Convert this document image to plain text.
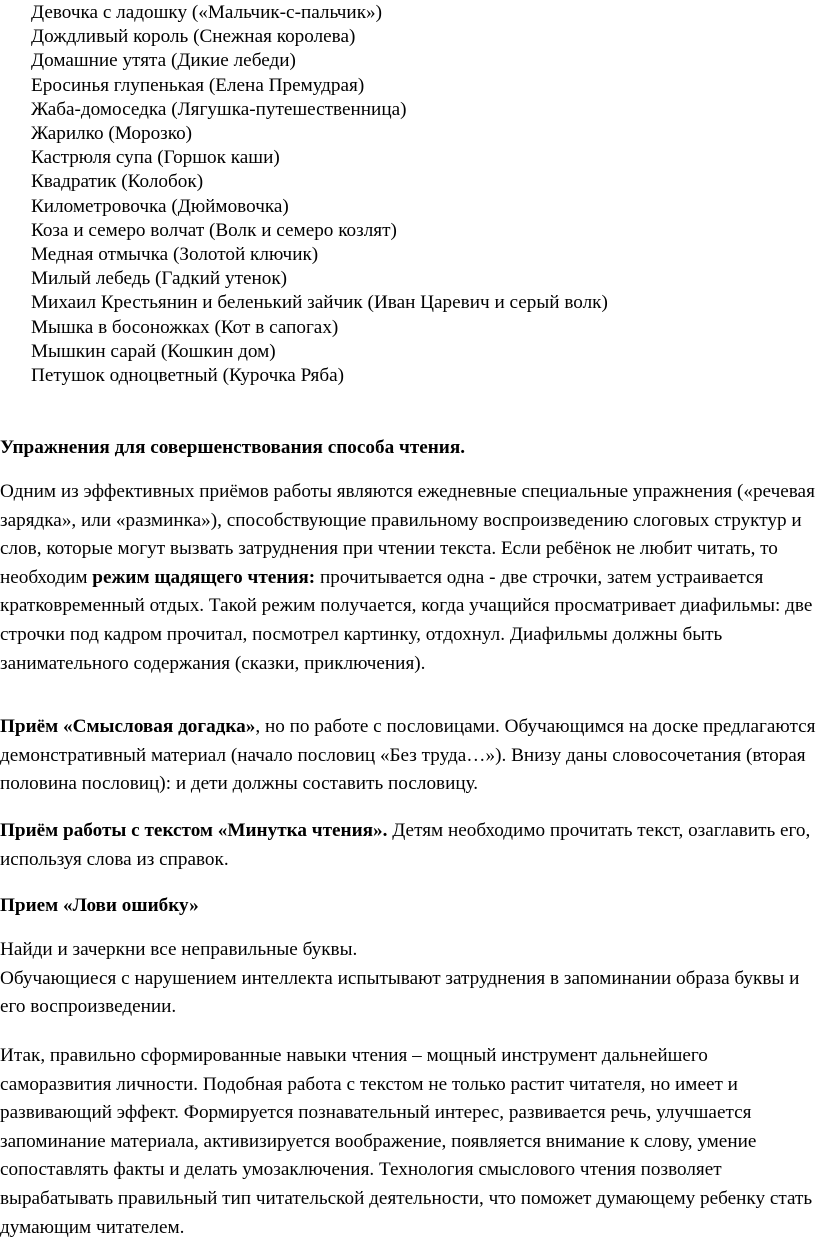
Девочка с ладошку («Мальчик-с-пальчик»)
Дождливый король (Снежная королева)
Домашние утята (Дикие лебеди)
Еросинья глупенькая (Елена Премудрая)
Жаба-домоседка (Лягушка-путешественница)
Жарилко (Морозко)
Кастрюля супа (Горшок каши)
Квадратик (Колобок)
Километровочка (Дюймовочка)
Коза и семеро волчат (Волк и семеро козлят)
Медная отмычка (Золотой ключик)
Милый лебедь (Гадкий утенок)
Михаил Крестьянин и беленький зайчик (Иван Царевич и серый волк)
Мышка в босоножках (Кот в сапогах)
Мышкин сарай (Кошкин дом)
Петушок одноцветный (Курочка Ряба)

Упражнения для совершенствования способа чтения.

Одним из эффективных приёмов работы являются ежедневные специальные упражнения («речевая зарядка», или «разминка»), способствующие правильному воспроизведению слоговых структур и слов, которые могут вызвать затруднения при чтении текста. Если ребёнок не любит читать, то необходим режим щадящего чтения: прочитывается одна - две строчки, затем устраивается кратковременный отдых. Такой режим получается, когда учащийся просматривает диафильмы: две строчки под кадром прочитал, посмотрел картинку, отдохнул. Диафильмы должны быть занимательного содержания (сказки, приключения).

Приём «Смысловая догадка», но по работе с пословицами. Обучающимся на доске предлагаются демонстративный материал (начало пословиц «Без труда…»). Внизу даны словосочетания (вторая половина пословиц): и дети должны составить пословицу.

Приём работы с текстом «Минутка чтения». Детям необходимо прочитать текст, озаглавить его, используя слова из справок.

Прием «Лови ошибку»

Найди и зачеркни все неправильные буквы.
Обучающиеся с нарушением интеллекта испытывают затруднения в запоминании образа буквы и его воспроизведении.

Итак, правильно сформированные навыки чтения – мощный инструмент дальнейшего саморазвития личности. Подобная работа с текстом не только растит читателя, но имеет и развивающий эффект. Формируется познавательный интерес, развивается речь, улучшается запоминание материала, активизируется воображение, появляется внимание к слову, умение сопоставлять факты и делать умозаключения. Технология смыслового чтения позволяет вырабатывать правильный тип читательской деятельности, что поможет думающему ребенку стать думающим читателем.
